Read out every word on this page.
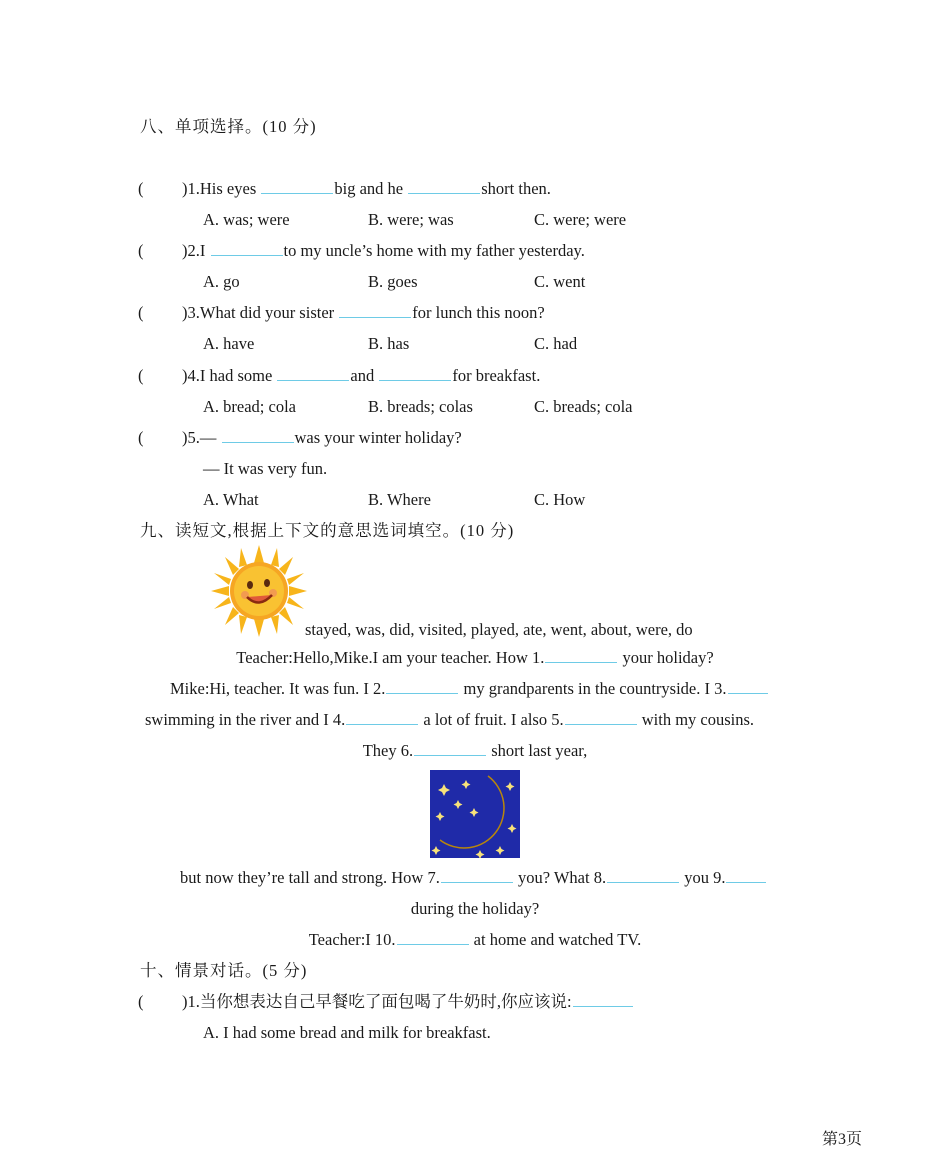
八、单项选择。(10 分)
( )1.His eyes	big and he	short then.
A. was; were	B. were; was	C. were; were
( )2.I	to my uncle’s home with my father yesterday.
A. go	B. goes	C. went
( )3.What did your sister	for lunch this noon?
A. have	B. has	C. had
( )4.I had some	and	for breakfast.
A. bread; cola	B. breads; colas	C. breads; cola
( )5.—	was your winter holiday?
— It was very fun.
A. What	B. Where	C. How
九、读短文,根据上下文的意思选词填空。(10 分)
stayed, was, did, visited, played, ate, went, about, were, do
Teacher:Hello,Mike.I am your teacher. How 1.	your holiday?
Mike:Hi, teacher. It was fun. I 2.	my grandparents in the countryside. I 3.
swimming in the river and I 4.	a lot of fruit. I also 5.	with my cousins.
They 6.	short last year,
but now they’re tall and strong. How 7.	you? What 8.	you 9.
during the holiday?
Teacher:I 10.	at home and watched TV.
十、情景对话。(5 分)
( )1.当你想表达自己早餐吃了面包喝了牛奶时,你应该说:
A. I had some bread and milk for breakfast.
第3页
